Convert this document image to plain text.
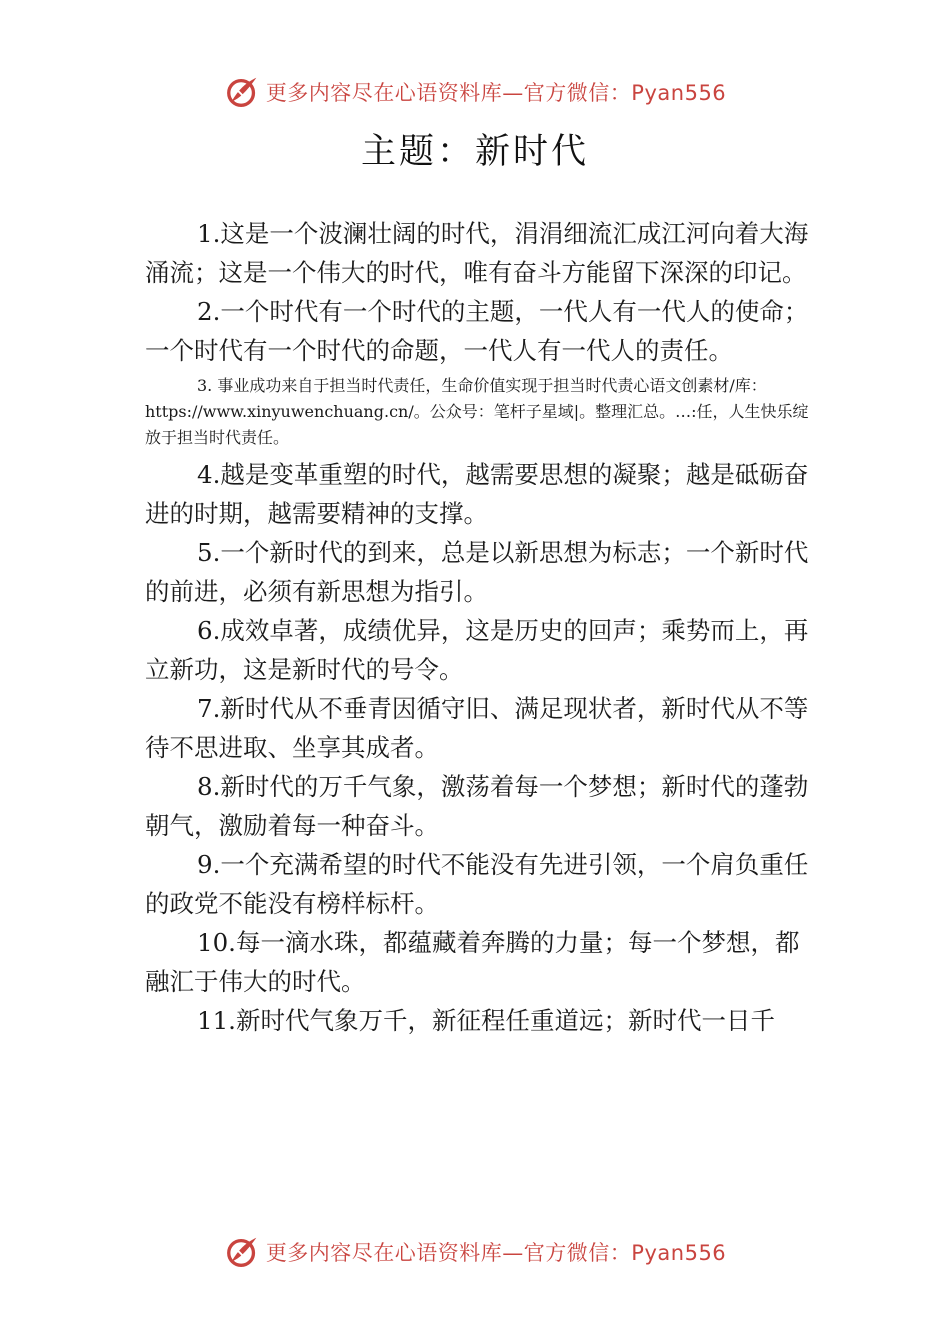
更多内容尽在心语资料库—官方微信：Pyan556
主题：新时代

1.这是一个波澜壮阔的时代，涓涓细流汇成江河向着大海涌流；这是一个伟大的时代，唯有奋斗方能留下深深的印记。

2.一个时代有一个时代的主题，一代人有一代人的使命；一个时代有一个时代的命题，一代人有一代人的责任。

3. 事业成功来自于担当时代责任，生命价值实现于担当时代责心语文创素材/库：https://www.xinyuwenchuang.cn/。公众号：笔杆子星域|。整理汇总。…:任，人生快乐绽放于担当时代责任。

4.越是变革重塑的时代，越需要思想的凝聚；越是砥砺奋进的时期，越需要精神的支撑。

5.一个新时代的到来，总是以新思想为标志；一个新时代的前进，必须有新思想为指引。

6.成效卓著，成绩优异，这是历史的回声；乘势而上，再立新功，这是新时代的号令。

7.新时代从不垂青因循守旧、满足现状者，新时代从不等待不思进取、坐享其成者。

8.新时代的万千气象，激荡着每一个梦想；新时代的蓬勃朝气，激励着每一种奋斗。

9.一个充满希望的时代不能没有先进引领，一个肩负重任的政党不能没有榜样标杆。

10.每一滴水珠，都蕴藏着奔腾的力量；每一个梦想，都融汇于伟大的时代。

11.新时代气象万千，新征程任重道远；新时代一日千

更多内容尽在心语资料库—官方微信：Pyan556
